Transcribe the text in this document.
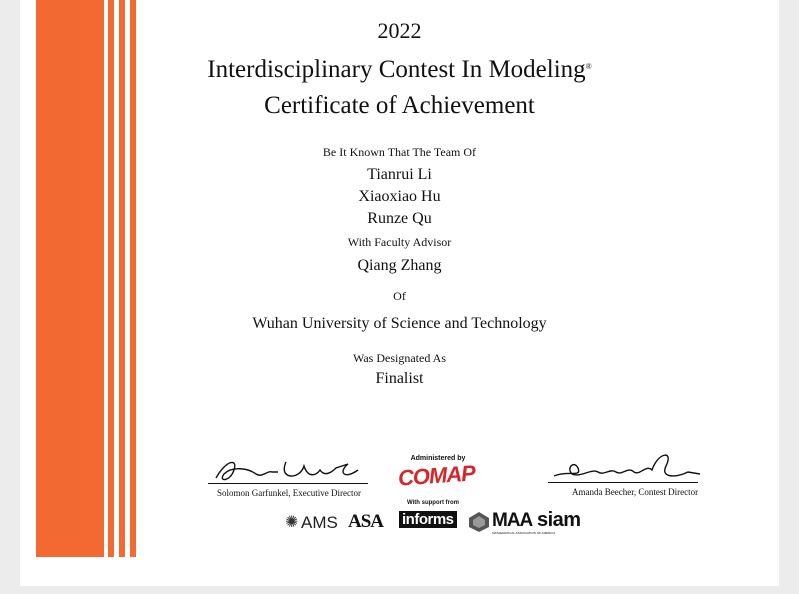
2022
Interdisciplinary Contest In Modeling®
Certificate of Achievement
Be It Known That The Team Of
Tianrui Li
Xiaoxiao Hu
Runze Qu
With Faculty Advisor
Qiang Zhang
Of
Wuhan University of Science and Technology
Was Designated As
Finalist
Solomon Garfunkel, Executive Director	Amanda Beecher, Contest Director
Administered by
COMAP
With support from
✺ AMS ASA informs MAA
MATHEMATICAL ASSOCIATION OF AMERICA
siam
